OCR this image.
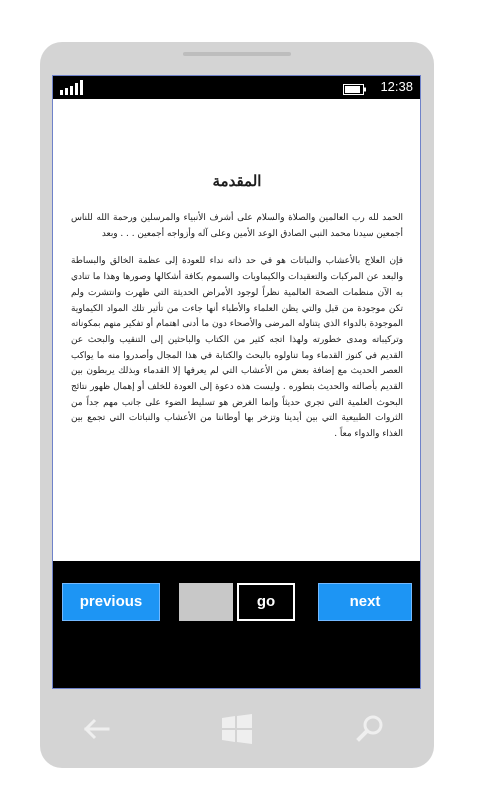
12:38
المقدمة

الحمد لله رب العالمين والصلاة والسلام على أشرف الأنبياء والمرسلين ورحمة الله للناس أجمعين سيدنا محمد النبي الصادق الوعد الأمين وعلى آله وأزواجه أجمعين . . . وبعد

فإن العلاج بالأعشاب والنباتات هو في حد ذاته نداء للعودة إلى عظمة الخالق والبساطة والبعد عن المركبات والتعقيدات والكيماويات والسموم بكافة أشكالها وصورها وهذا ما تنادي به الآن منظمات الصحة العالمية نظراً لوجود الأمراض الحديثة التي ظهرت وانتشرت ولم تكن موجودة من قبل والتي يظن العلماء والأطباء أنها جاءت من تأثير تلك المواد الكيماوية الموجودة بالدواء الذي يتناوله المرضى والأصحاء دون ما أدنى اهتمام أو تفكير منهم بمكوناته وتركيباته ومدى خطورته ولهذا اتجه كثير من الكتاب والباحثين إلى التنقيب والبحث عن القديم في كنوز القدماء وما تناولوه بالبحث والكتابة في هذا المجال وأصدروا منه ما يواكب العصر الحديث مع إضافة بعض من الأعشاب التي لم يعرفها إلا القدماء وبذلك يربطون بين القديم بأصالته والحديث بتطوره . وليست هذه دعوة إلى العودة للخلف أو إهمال ظهور نتائج البحوث العلمية التي تجري حديثاً وإنما الغرض هو تسليط الضوء على جانب مهم جداً من الثروات الطبيعية التي بين أيدينا وتزخر بها أوطاننا من الأعشاب والنباتات التي تجمع بين الغذاء والدواء معاً .

previous	go	next
